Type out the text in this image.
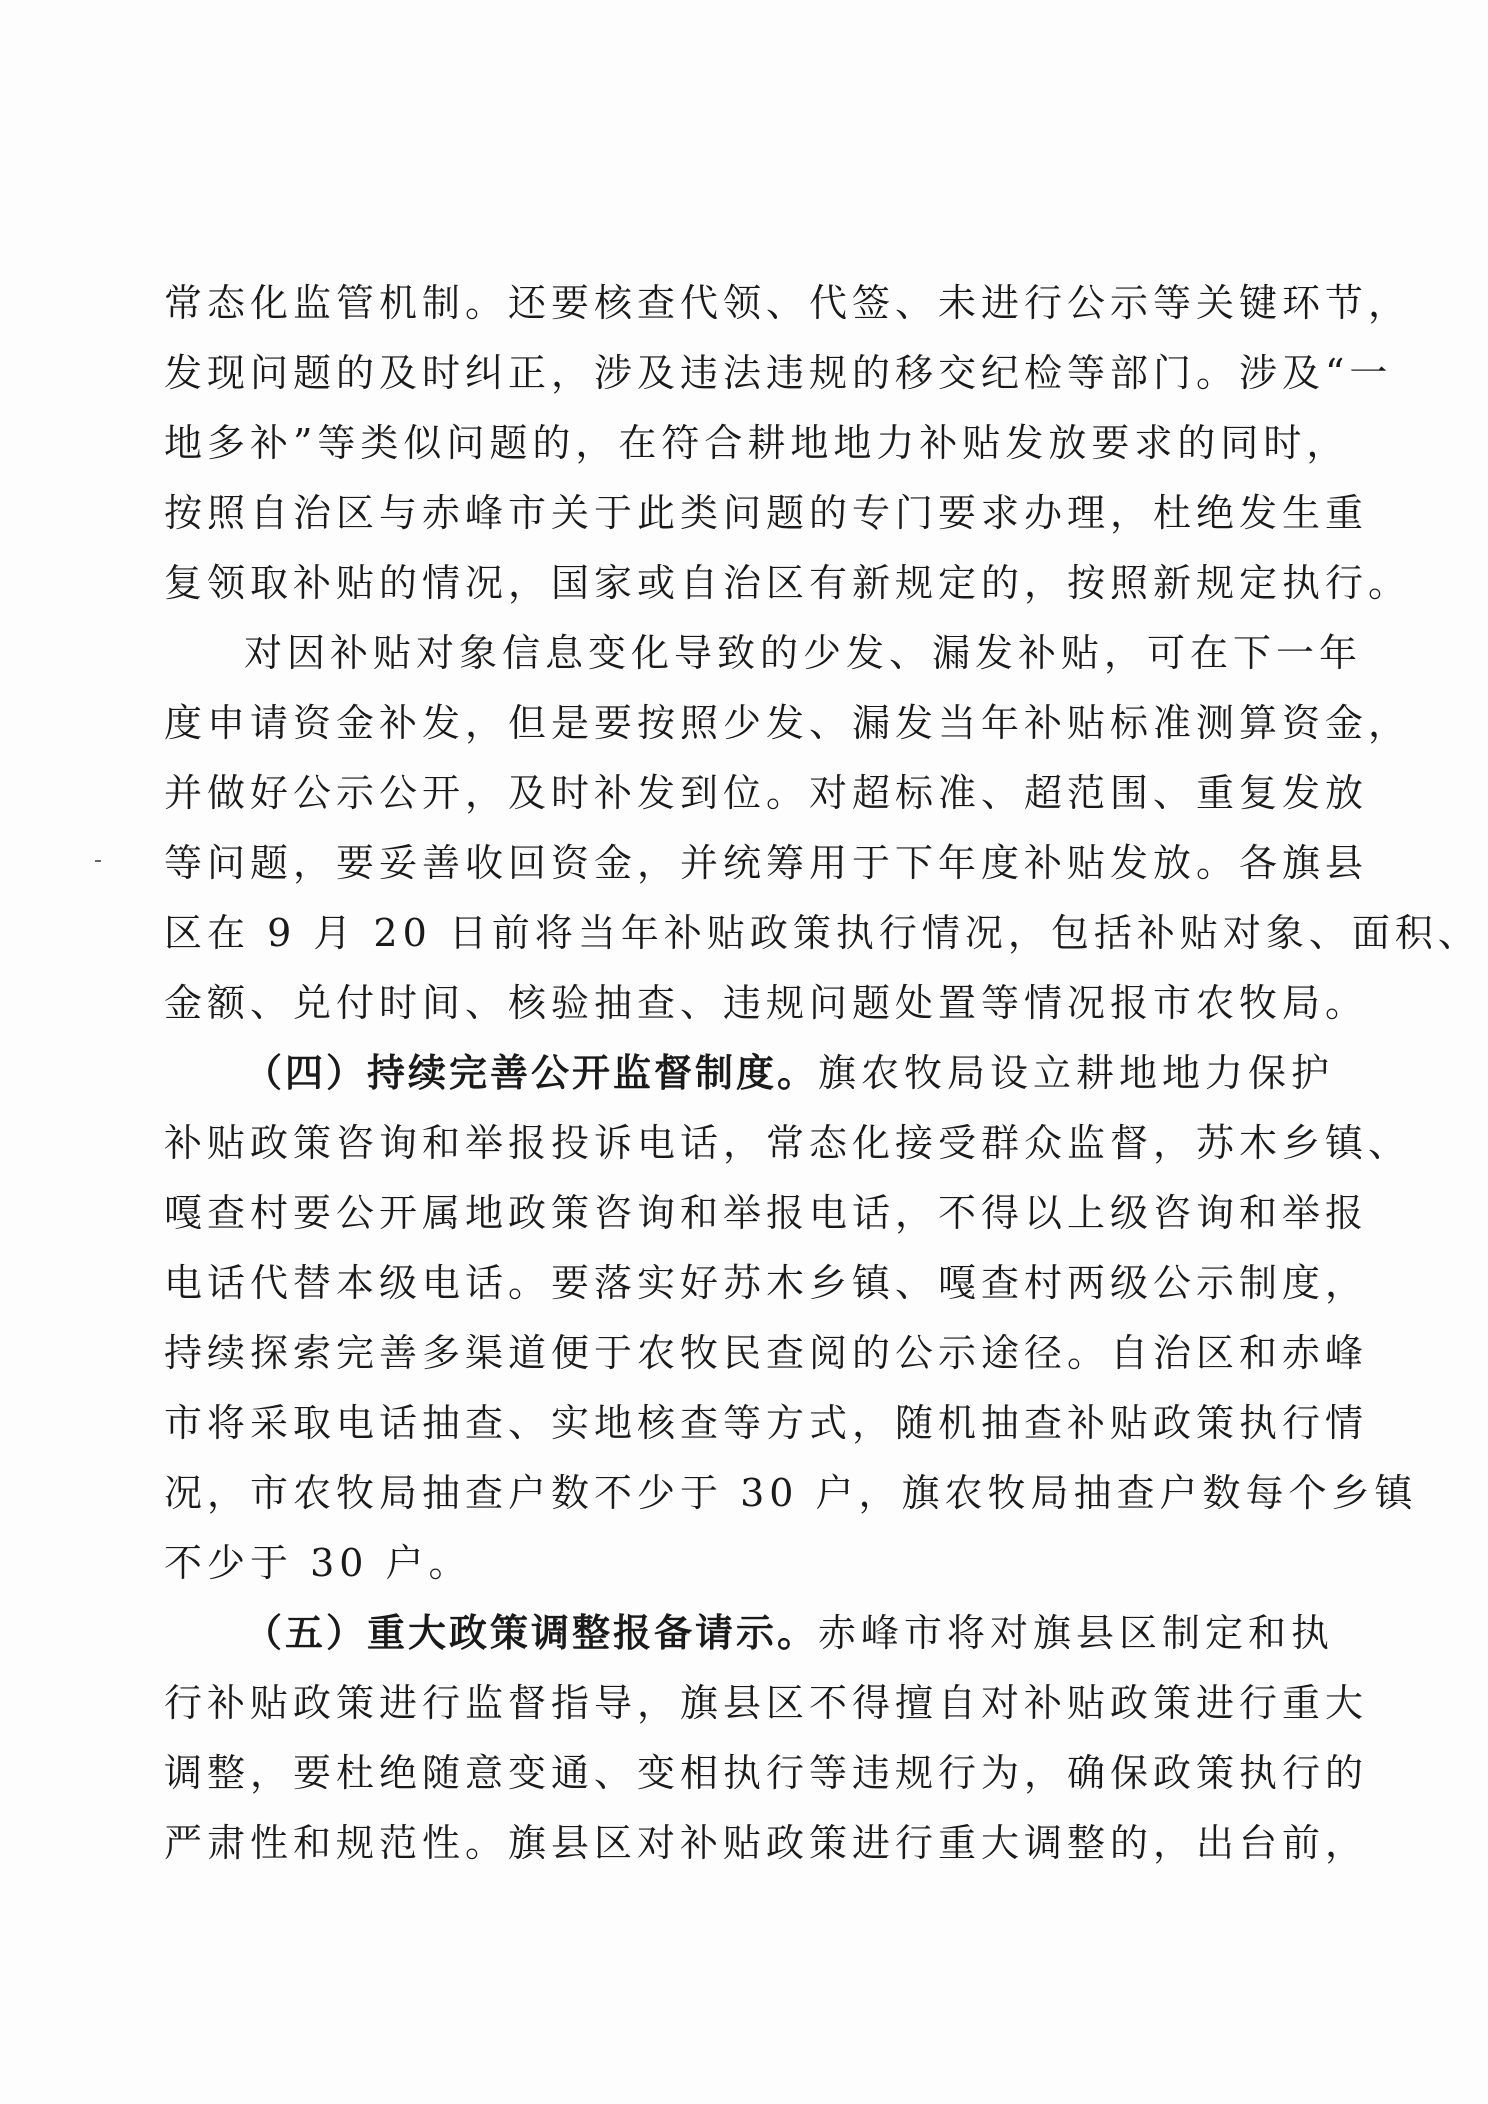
常态化监管机制。还要核查代领、代签、未进行公示等关键环节，
发现问题的及时纠正，涉及违法违规的移交纪检等部门。涉及“一
地多补”等类似问题的，在符合耕地地力补贴发放要求的同时，
按照自治区与赤峰市关于此类问题的专门要求办理，杜绝发生重
复领取补贴的情况，国家或自治区有新规定的，按照新规定执行。
对因补贴对象信息变化导致的少发、漏发补贴，可在下一年
度申请资金补发，但是要按照少发、漏发当年补贴标准测算资金，
并做好公示公开，及时补发到位。对超标准、超范围、重复发放
等问题，要妥善收回资金，并统筹用于下年度补贴发放。各旗县
区在 9 月 20 日前将当年补贴政策执行情况，包括补贴对象、面积、
金额、兑付时间、核验抽查、违规问题处置等情况报市农牧局。
（四）持续完善公开监督制度。旗农牧局设立耕地地力保护
补贴政策咨询和举报投诉电话，常态化接受群众监督，苏木乡镇、
嘎查村要公开属地政策咨询和举报电话，不得以上级咨询和举报
电话代替本级电话。要落实好苏木乡镇、嘎查村两级公示制度，
持续探索完善多渠道便于农牧民查阅的公示途径。自治区和赤峰
市将采取电话抽查、实地核查等方式，随机抽查补贴政策执行情
况，市农牧局抽查户数不少于 30 户，旗农牧局抽查户数每个乡镇
不少于 30 户。
（五）重大政策调整报备请示。赤峰市将对旗县区制定和执
行补贴政策进行监督指导，旗县区不得擅自对补贴政策进行重大
调整，要杜绝随意变通、变相执行等违规行为，确保政策执行的
严肃性和规范性。旗县区对补贴政策进行重大调整的，出台前，
